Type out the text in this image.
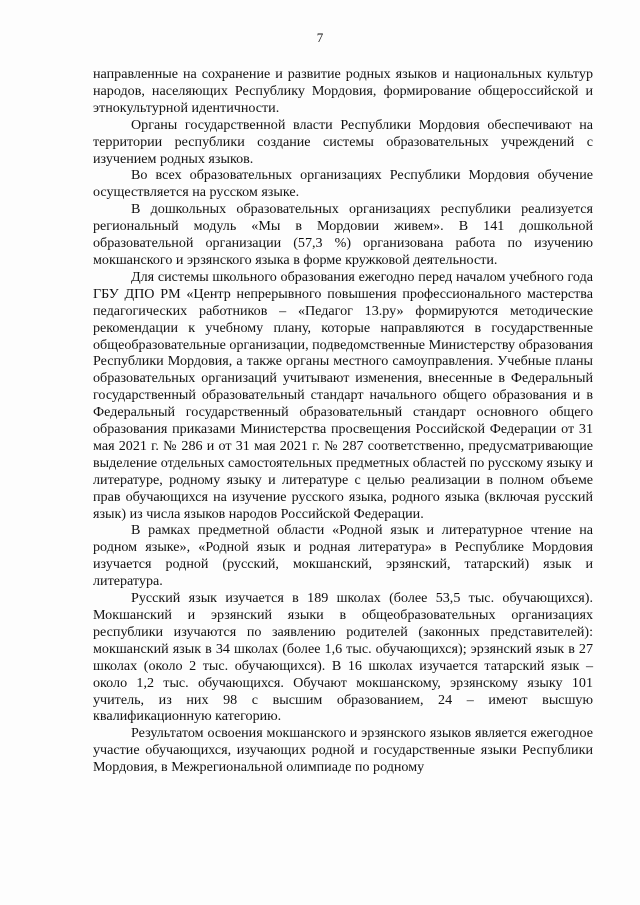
7

направленные на сохранение и развитие родных языков и национальных культур народов, населяющих Республику Мордовия, формирование общероссийской и этнокультурной идентичности.

Органы государственной власти Республики Мордовия обеспечивают на территории республики создание системы образовательных учреждений с изучением родных языков.

Во всех образовательных организациях Республики Мордовия обучение осуществляется на русском языке.

В дошкольных образовательных организациях республики реализуется региональный модуль «Мы в Мордовии живем». В 141 дошкольной образовательной организации (57,3 %) организована работа по изучению мокшанского и эрзянского языка в форме кружковой деятельности.

Для системы школьного образования ежегодно перед началом учебного года ГБУ ДПО РМ «Центр непрерывного повышения профессионального мастерства педагогических работников – «Педагог 13.ру» формируются методические рекомендации к учебному плану, которые направляются в государственные общеобразовательные организации, подведомственные Министерству образования Республики Мордовия, а также органы местного самоуправления. Учебные планы образовательных организаций учитывают изменения, внесенные в Федеральный государственный образовательный стандарт начального общего образования и в Федеральный государственный образовательный стандарт основного общего образования приказами Министерства просвещения Российской Федерации от 31 мая 2021 г. № 286 и от 31 мая 2021 г. № 287 соответственно, предусматривающие выделение отдельных самостоятельных предметных областей по русскому языку и литературе, родному языку и литературе с целью реализации в полном объеме прав обучающихся на изучение русского языка, родного языка (включая русский язык) из числа языков народов Российской Федерации.

В рамках предметной области «Родной язык и литературное чтение на родном языке», «Родной язык и родная литература» в Республике Мордовия изучается родной (русский, мокшанский, эрзянский, татарский) язык и литература.

Русский язык изучается в 189 школах (более 53,5 тыс. обучающихся). Мокшанский и эрзянский языки в общеобразовательных организациях республики изучаются по заявлению родителей (законных представителей): мокшанский язык в 34 школах (более 1,6 тыс. обучающихся); эрзянский язык в 27 школах (около 2 тыс. обучающихся). В 16 школах изучается татарский язык – около 1,2 тыс. обучающихся. Обучают мокшанскому, эрзянскому языку 101 учитель, из них 98 с высшим образованием, 24 – имеют высшую квалификационную категорию.

Результатом освоения мокшанского и эрзянского языков является ежегодное участие обучающихся, изучающих родной и государственные языки Республики Мордовия, в Межрегиональной олимпиаде по родному
